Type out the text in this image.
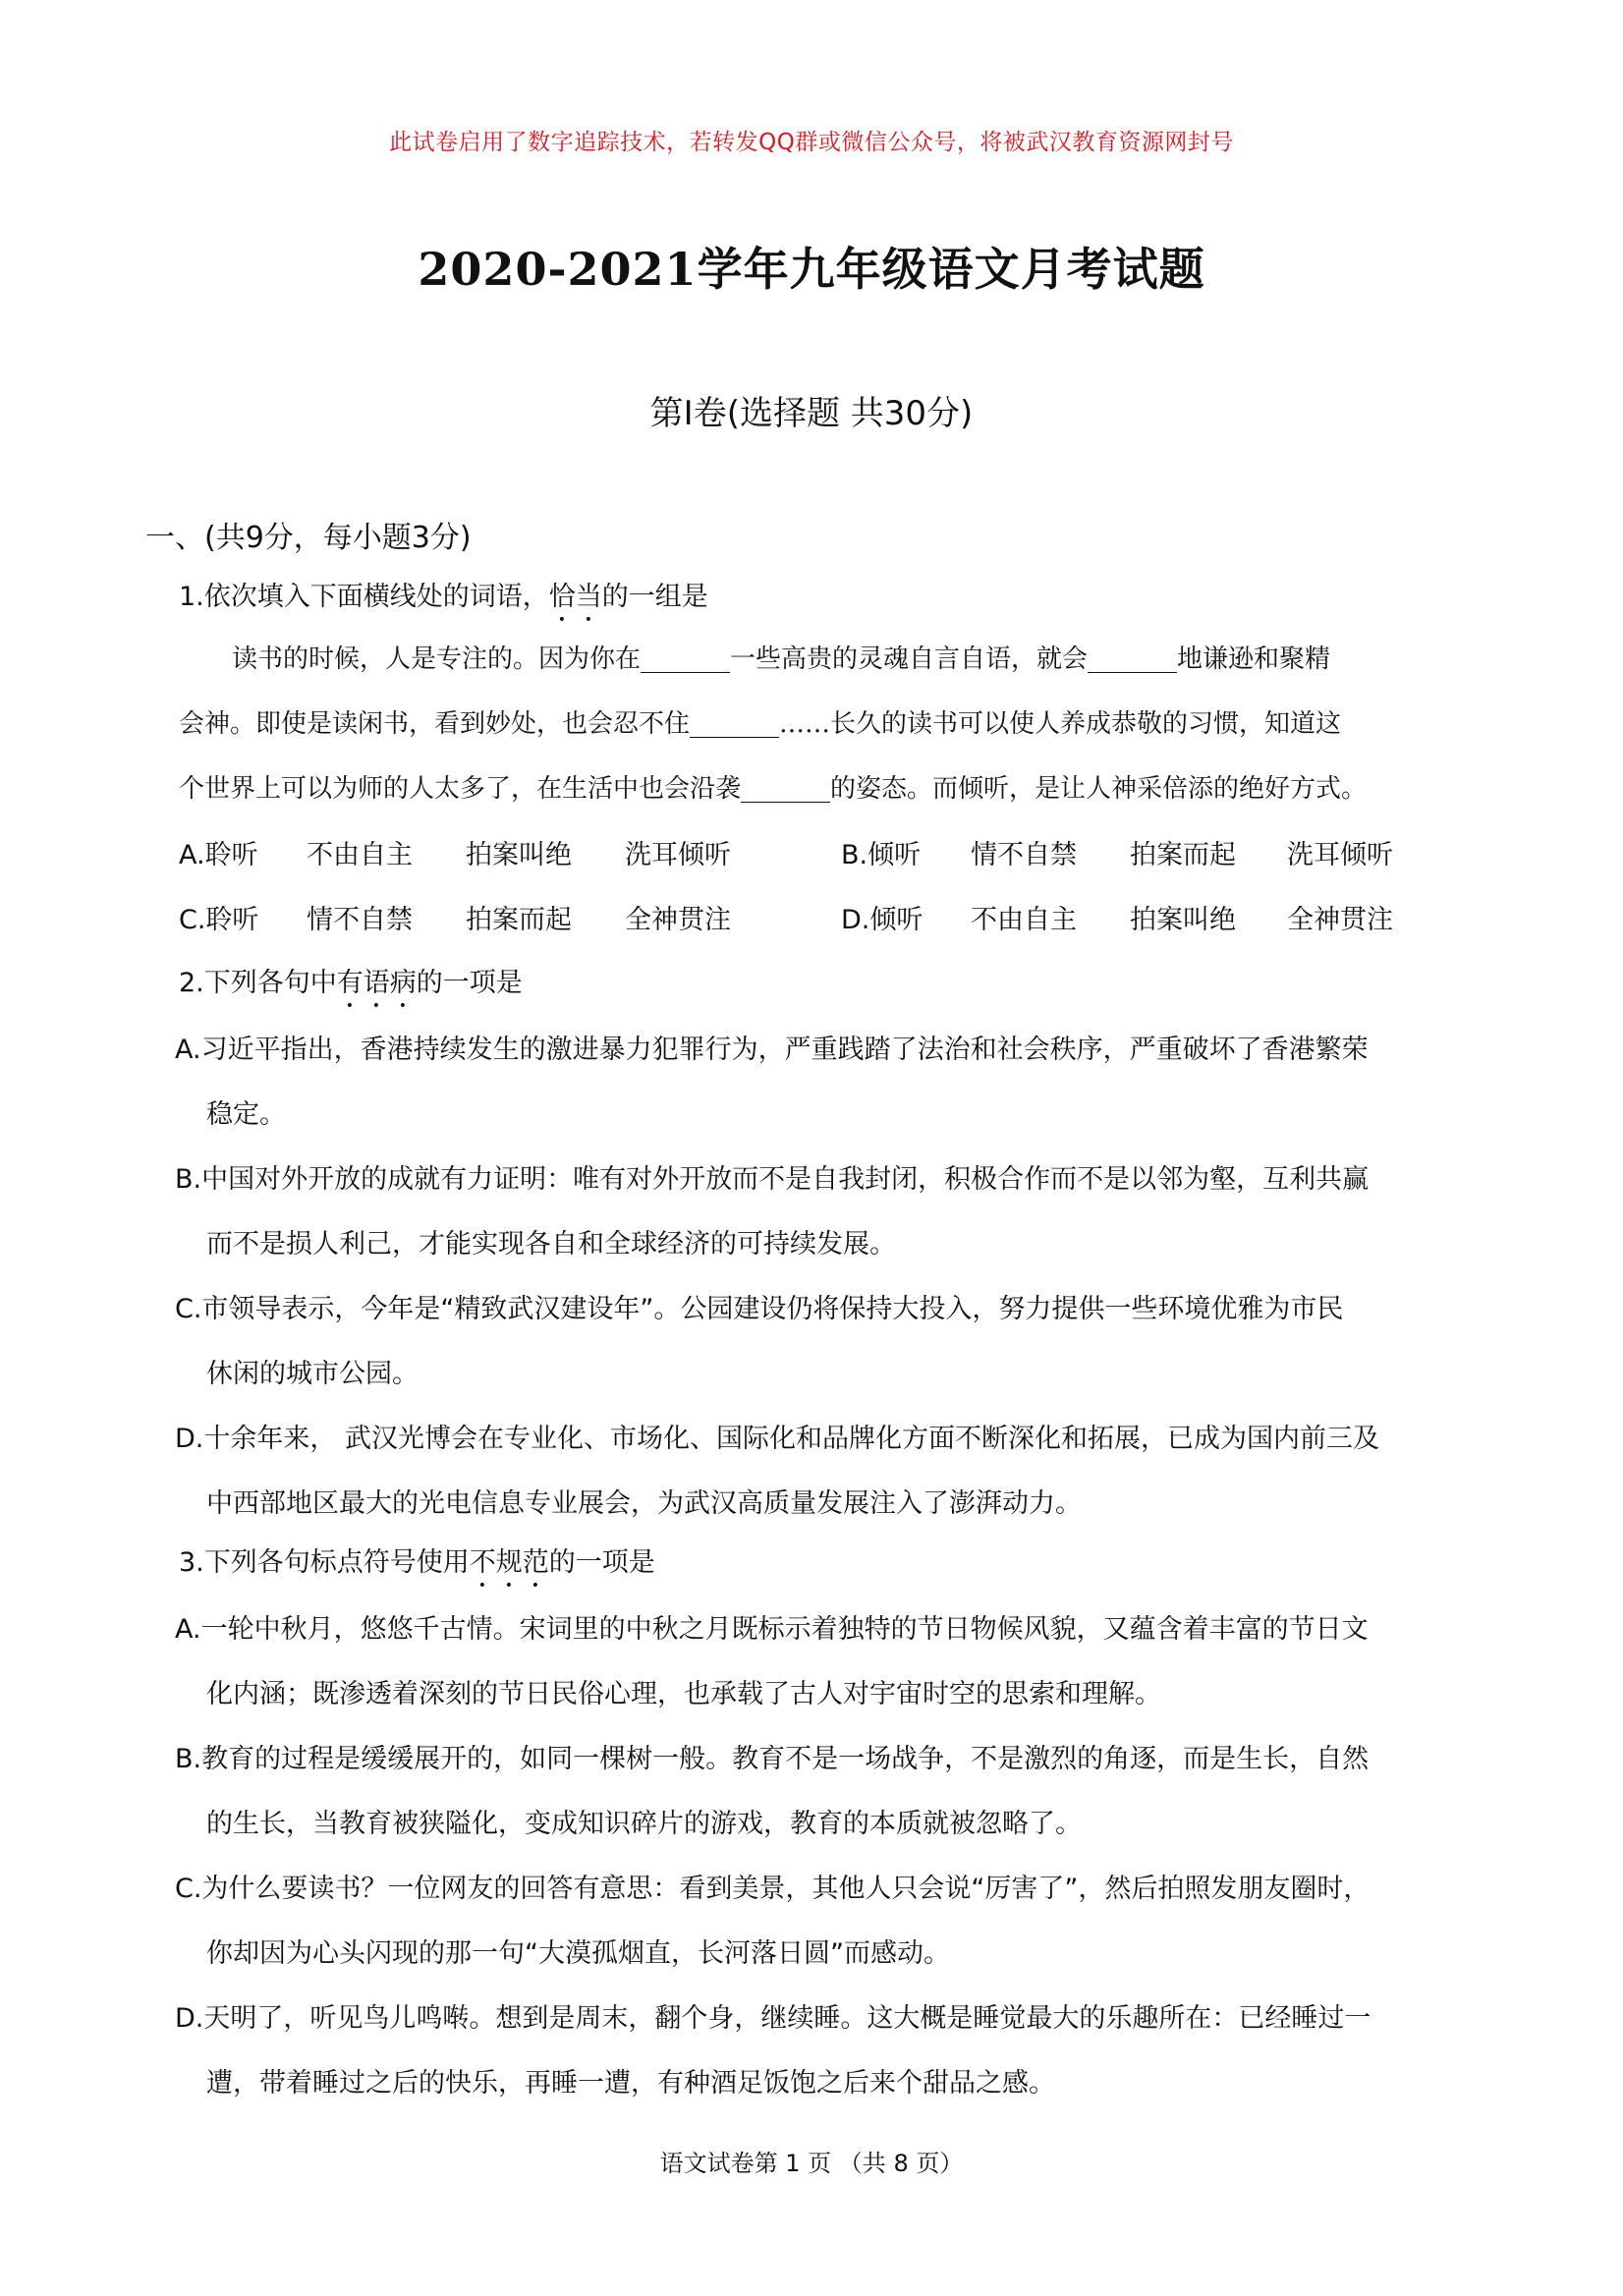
此试卷启用了数字追踪技术，若转发QQ群或微信公众号，将被武汉教育资源网封号
2020-2021学年九年级语文月考试题
第Ⅰ卷(选择题 共30分)
一、(共9分，每小题3分)
1.依次填入下面横线处的词语，恰当的一组是
读书的时候，人是专注的。因为你在_______一些高贵的灵魂自言自语，就会_______地谦逊和聚精
会神。即使是读闲书，看到妙处，也会忍不住_______……长久的读书可以使人养成恭敬的习惯，知道这
个世界上可以为师的人太多了，在生活中也会沿袭_______的姿态。而倾听，是让人神采倍添的绝好方式。
A.聆听 不由自主 拍案叫绝 洗耳倾听	B.倾听 情不自禁 拍案而起 洗耳倾听
C.聆听 情不自禁 拍案而起 全神贯注	D.倾听 不由自主 拍案叫绝 全神贯注
2.下列各句中有语病的一项是
A.习近平指出，香港持续发生的激进暴力犯罪行为，严重践踏了法治和社会秩序，严重破坏了香港繁荣
稳定。
B.中国对外开放的成就有力证明：唯有对外开放而不是自我封闭，积极合作而不是以邻为壑，互利共赢
而不是损人利己，才能实现各自和全球经济的可持续发展。
C.市领导表示，今年是“精致武汉建设年”。公园建设仍将保持大投入，努力提供一些环境优雅为市民
休闲的城市公园。
D.十余年来， 武汉光博会在专业化、市场化、国际化和品牌化方面不断深化和拓展，已成为国内前三及
中西部地区最大的光电信息专业展会，为武汉高质量发展注入了澎湃动力。
3.下列各句标点符号使用不规范的一项是
A.一轮中秋月，悠悠千古情。宋词里的中秋之月既标示着独特的节日物候风貌，又蕴含着丰富的节日文
化内涵；既渗透着深刻的节日民俗心理，也承载了古人对宇宙时空的思索和理解。
B.教育的过程是缓缓展开的，如同一棵树一般。教育不是一场战争，不是激烈的角逐，而是生长，自然
的生长，当教育被狭隘化，变成知识碎片的游戏，教育的本质就被忽略了。
C.为什么要读书？一位网友的回答有意思：看到美景，其他人只会说“厉害了”，然后拍照发朋友圈时，
你却因为心头闪现的那一句“大漠孤烟直，长河落日圆”而感动。
D.天明了，听见鸟儿鸣啭。想到是周末，翻个身，继续睡。这大概是睡觉最大的乐趣所在：已经睡过一
遭，带着睡过之后的快乐，再睡一遭，有种酒足饭饱之后来个甜品之感。
语文试卷第 1 页 （共 8 页）
